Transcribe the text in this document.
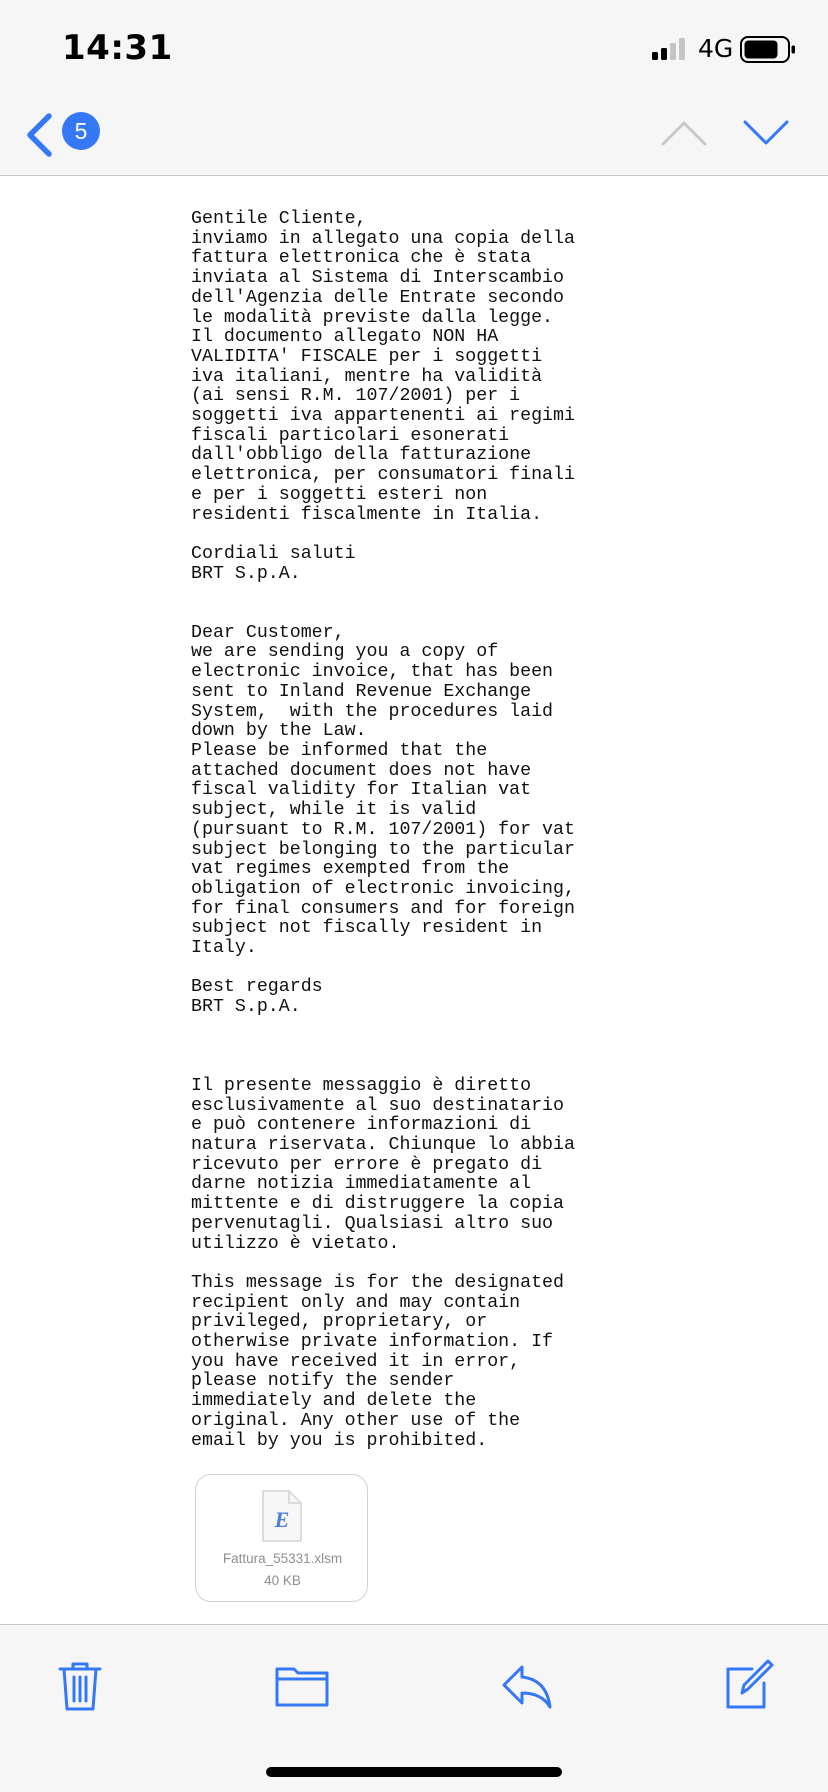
14:31	4G
5
Gentile Cliente,
inviamo in allegato una copia della
fattura elettronica che è stata
inviata al Sistema di Interscambio
dell'Agenzia delle Entrate secondo
le modalità previste dalla legge.
Il documento allegato NON HA
VALIDITA' FISCALE per i soggetti
iva italiani, mentre ha validità
(ai sensi R.M. 107/2001) per i
soggetti iva appartenenti ai regimi
fiscali particolari esonerati
dall'obbligo della fatturazione
elettronica, per consumatori finali
e per i soggetti esteri non
residenti fiscalmente in Italia.

Cordiali saluti
BRT S.p.A.

Dear Customer,
we are sending you a copy of
electronic invoice, that has been
sent to Inland Revenue Exchange
System,  with the procedures laid
down by the Law.
Please be informed that the
attached document does not have
fiscal validity for Italian vat
subject, while it is valid
(pursuant to R.M. 107/2001) for vat
subject belonging to the particular
vat regimes exempted from the
obligation of electronic invoicing,
for final consumers and for foreign
subject not fiscally resident in
Italy.

Best regards
BRT S.p.A.

Il presente messaggio è diretto
esclusivamente al suo destinatario
e può contenere informazioni di
natura riservata. Chiunque lo abbia
ricevuto per errore è pregato di
darne notizia immediatamente al
mittente e di distruggere la copia
pervenutagli. Qualsiasi altro suo
utilizzo è vietato.

This message is for the designated
recipient only and may contain
privileged, proprietary, or
otherwise private information. If
you have received it in error,
please notify the sender
immediately and delete the
original. Any other use of the
email by you is prohibited.
E
Fattura_55331.xlsm
40 KB
